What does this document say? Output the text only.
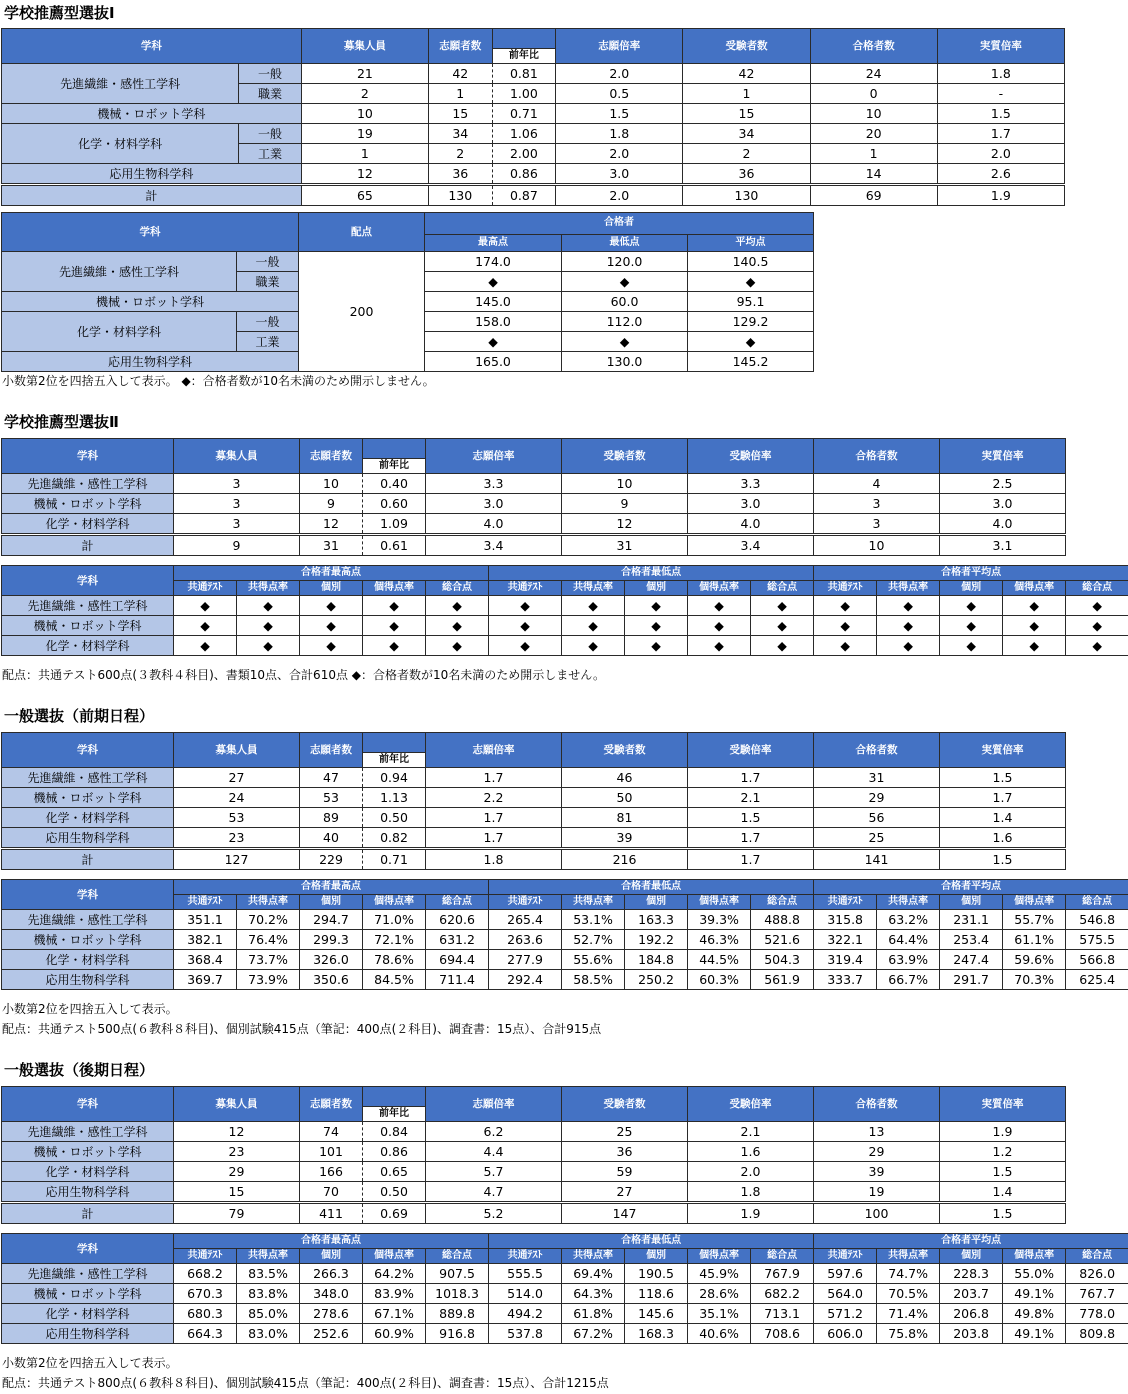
学校推薦型選抜Ⅰ
学科		募集人員	志願者数		志願倍率	受験者数	合格者数	実質倍率
				前年比				
先進繊維・感性工学科	一般	21	42	0.81	2.0	42	24	1.8
	職業	2	1	1.00	0.5	1	0	-
機械・ロボット学科		10	15	0.71	1.5	15	10	1.5
化学・材料学科	一般	19	34	1.06	1.8	34	20	1.7
	工業	1	2	2.00	2.0	2	1	2.0
応用生物科学科		12	36	0.86	3.0	36	14	2.6
計		65	130	0.87	2.0	130	69	1.9
学科		配点	合格者		
			最高点	最低点	平均点
先進繊維・感性工学科	一般	200	174.0	120.0	140.5
	職業		◆	◆	◆
機械・ロボット学科			145.0	60.0	95.1
化学・材料学科	一般		158.0	112.0	129.2
	工業		◆	◆	◆
応用生物科学科			165.0	130.0	145.2
小数第2位を四捨五入して表示。 ◆：合格者数が10名未満のため開示しません。
学校推薦型選抜Ⅱ
学科	募集人員	志願者数		志願倍率	受験者数	受験倍率	合格者数	実質倍率
			前年比					
先進繊維・感性工学科	3	10	0.40	3.3	10	3.3	4	2.5
機械・ロボット学科	3	9	0.60	3.0	9	3.0	3	3.0
化学・材料学科	3	12	1.09	4.0	12	4.0	3	4.0
計	9	31	0.61	3.4	31	3.4	10	3.1
学科	合格者最高点					合格者最低点					合格者平均点				
	共通ﾃｽﾄ	共得点率	個別	個得点率	総合点	共通ﾃｽﾄ	共得点率	個別	個得点率	総合点	共通ﾃｽﾄ	共得点率	個別	個得点率	総合点
先進繊維・感性工学科	◆	◆	◆	◆	◆	◆	◆	◆	◆	◆	◆	◆	◆	◆	◆
機械・ロボット学科	◆	◆	◆	◆	◆	◆	◆	◆	◆	◆	◆	◆	◆	◆	◆
化学・材料学科	◆	◆	◆	◆	◆	◆	◆	◆	◆	◆	◆	◆	◆	◆	◆
配点：共通テスト600点(３教科４科目)、書類10点、合計610点 ◆：合格者数が10名未満のため開示しません。
一般選抜（前期日程）
学科	募集人員	志願者数		志願倍率	受験者数	受験倍率	合格者数	実質倍率
			前年比					
先進繊維・感性工学科	27	47	0.94	1.7	46	1.7	31	1.5
機械・ロボット学科	24	53	1.13	2.2	50	2.1	29	1.7
化学・材料学科	53	89	0.50	1.7	81	1.5	56	1.4
応用生物科学科	23	40	0.82	1.7	39	1.7	25	1.6
計	127	229	0.71	1.8	216	1.7	141	1.5
学科	合格者最高点					合格者最低点					合格者平均点				
	共通ﾃｽﾄ	共得点率	個別	個得点率	総合点	共通ﾃｽﾄ	共得点率	個別	個得点率	総合点	共通ﾃｽﾄ	共得点率	個別	個得点率	総合点
先進繊維・感性工学科	351.1	70.2%	294.7	71.0%	620.6	265.4	53.1%	163.3	39.3%	488.8	315.8	63.2%	231.1	55.7%	546.8
機械・ロボット学科	382.1	76.4%	299.3	72.1%	631.2	263.6	52.7%	192.2	46.3%	521.6	322.1	64.4%	253.4	61.1%	575.5
化学・材料学科	368.4	73.7%	326.0	78.6%	694.4	277.9	55.6%	184.8	44.5%	504.3	319.4	63.9%	247.4	59.6%	566.8
応用生物科学科	369.7	73.9%	350.6	84.5%	711.4	292.4	58.5%	250.2	60.3%	561.9	333.7	66.7%	291.7	70.3%	625.4
小数第2位を四捨五入して表示。
配点：共通テスト500点(６教科８科目)、個別試験415点（筆記：400点(２科目)、調査書：15点）、合計915点
一般選抜（後期日程）
学科	募集人員	志願者数		志願倍率	受験者数	受験倍率	合格者数	実質倍率
			前年比					
先進繊維・感性工学科	12	74	0.84	6.2	25	2.1	13	1.9
機械・ロボット学科	23	101	0.86	4.4	36	1.6	29	1.2
化学・材料学科	29	166	0.65	5.7	59	2.0	39	1.5
応用生物科学科	15	70	0.50	4.7	27	1.8	19	1.4
計	79	411	0.69	5.2	147	1.9	100	1.5
学科	合格者最高点					合格者最低点					合格者平均点				
	共通ﾃｽﾄ	共得点率	個別	個得点率	総合点	共通ﾃｽﾄ	共得点率	個別	個得点率	総合点	共通ﾃｽﾄ	共得点率	個別	個得点率	総合点
先進繊維・感性工学科	668.2	83.5%	266.3	64.2%	907.5	555.5	69.4%	190.5	45.9%	767.9	597.6	74.7%	228.3	55.0%	826.0
機械・ロボット学科	670.3	83.8%	348.0	83.9%	1018.3	514.0	64.3%	118.6	28.6%	682.2	564.0	70.5%	203.7	49.1%	767.7
化学・材料学科	680.3	85.0%	278.6	67.1%	889.8	494.2	61.8%	145.6	35.1%	713.1	571.2	71.4%	206.8	49.8%	778.0
応用生物科学科	664.3	83.0%	252.6	60.9%	916.8	537.8	67.2%	168.3	40.6%	708.6	606.0	75.8%	203.8	49.1%	809.8
小数第2位を四捨五入して表示。
配点：共通テスト800点(６教科８科目)、個別試験415点（筆記：400点(２科目)、調査書：15点）、合計1215点
